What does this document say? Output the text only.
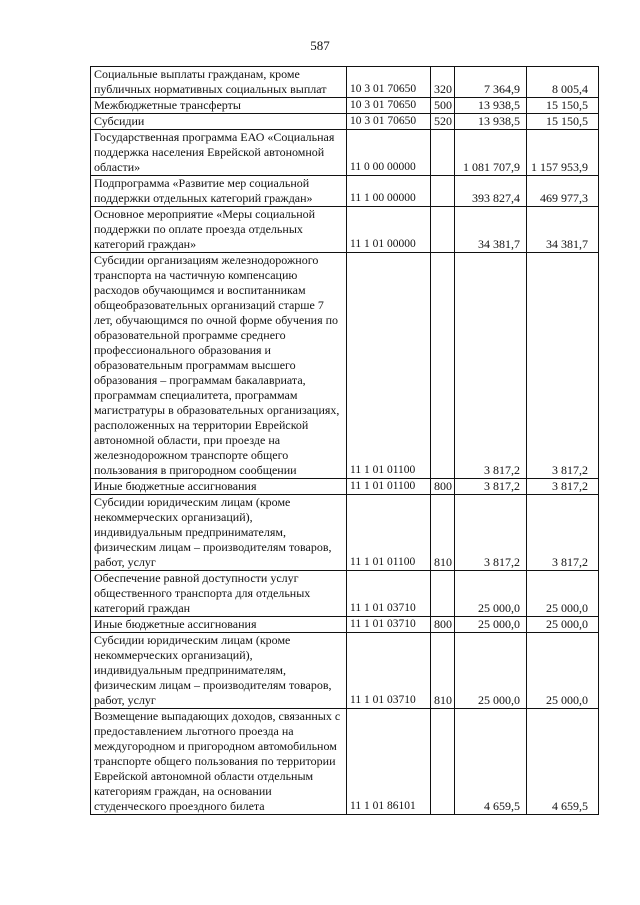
587
Социальные выплаты гражданам, кроме публичных нормативных социальных выплат	10 3 01 70650	320	7 364,9	8 005,4
Межбюджетные трансферты	10 3 01 70650	500	13 938,5	15 150,5
Субсидии	10 3 01 70650	520	13 938,5	15 150,5
Государственная программа ЕАО «Социальная поддержка населения Еврейской автономной области»	11 0 00 00000		1 081 707,9	1 157 953,9
Подпрограмма «Развитие мер социальной поддержки отдельных категорий граждан»	11 1 00 00000		393 827,4	469 977,3
Основное мероприятие «Меры социальной поддержки по оплате проезда отдельных категорий граждан»	11 1 01 00000		34 381,7	34 381,7
Субсидии организациям железнодорожного транспорта на частичную компенсацию расходов обучающимся и воспитанникам общеобразовательных организаций старше 7 лет, обучающимся по очной форме обучения по образовательной программе среднего профессионального образования и образовательным программам высшего образования – программам бакалавриата, программам специалитета, программам магистратуры в образовательных организациях, расположенных на территории Еврейской автономной области, при проезде на железнодорожном транспорте общего пользования в пригородном сообщении	11 1 01 01100		3 817,2	3 817,2
Иные бюджетные ассигнования	11 1 01 01100	800	3 817,2	3 817,2
Субсидии юридическим лицам (кроме некоммерческих организаций), индивидуальным предпринимателям, физическим лицам – производителям товаров, работ, услуг	11 1 01 01100	810	3 817,2	3 817,2
Обеспечение равной доступности услуг общественного транспорта для отдельных категорий граждан	11 1 01 03710		25 000,0	25 000,0
Иные бюджетные ассигнования	11 1 01 03710	800	25 000,0	25 000,0
Субсидии юридическим лицам (кроме некоммерческих организаций), индивидуальным предпринимателям, физическим лицам – производителям товаров, работ, услуг	11 1 01 03710	810	25 000,0	25 000,0
Возмещение выпадающих доходов, связанных с предоставлением льготного проезда на междугородном и пригородном автомобильном транспорте общего пользования по территории Еврейской автономной области отдельным категориям граждан, на основании студенческого проездного билета	11 1 01 86101		4 659,5	4 659,5
